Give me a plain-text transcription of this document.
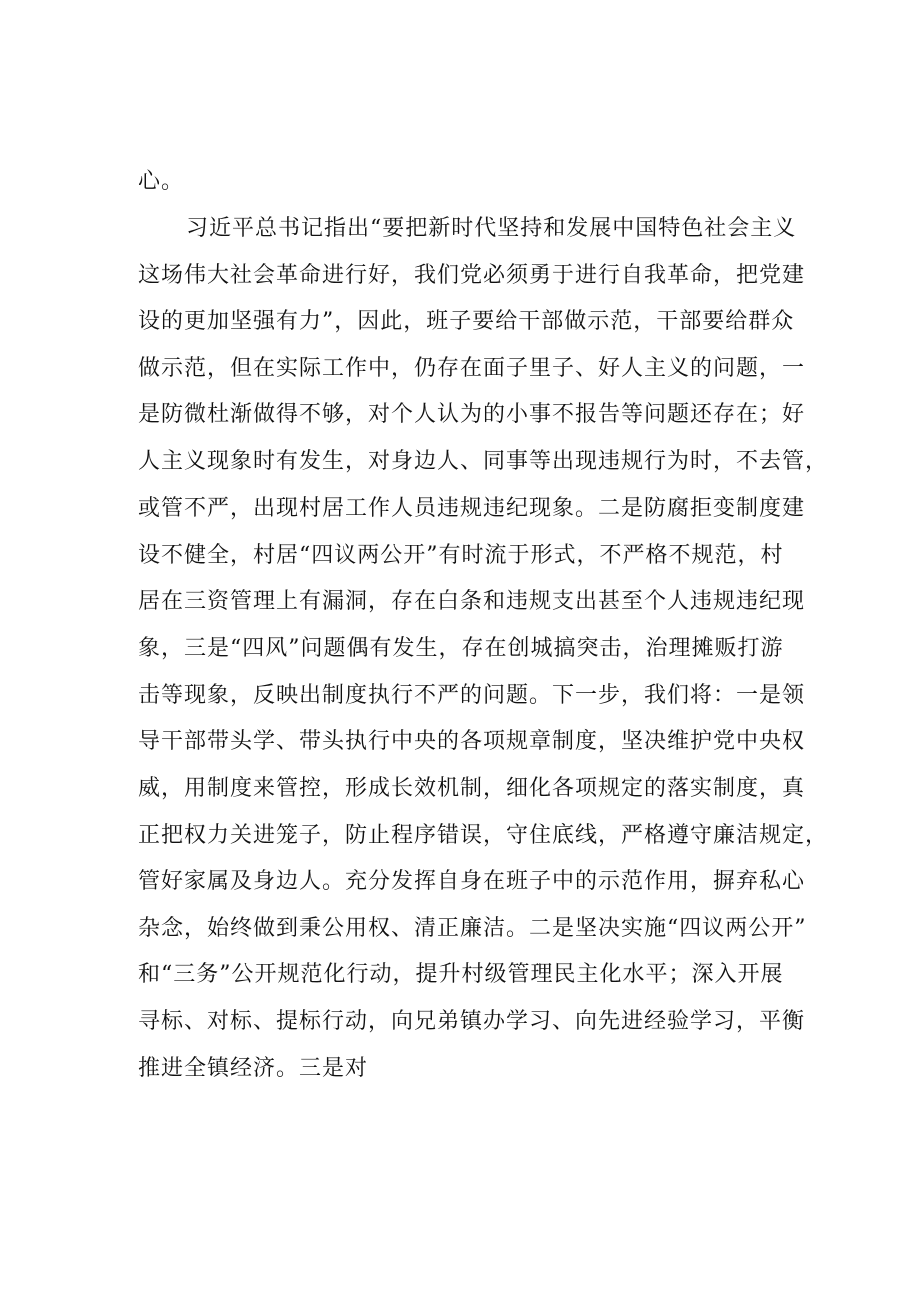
心。

习近平总书记指出“要把新时代坚持和发展中国特色社会主义

这场伟大社会革命进行好，我们党必须勇于进行自我革命，把党建

设的更加坚强有力”，因此，班子要给干部做示范，干部要给群众

做示范，但在实际工作中，仍存在面子里子、好人主义的问题，一

是防微杜渐做得不够，对个人认为的小事不报告等问题还存在；好

人主义现象时有发生，对身边人、同事等出现违规行为时，不去管，

或管不严，出现村居工作人员违规违纪现象。二是防腐拒变制度建

设不健全，村居“四议两公开”有时流于形式，不严格不规范，村

居在三资管理上有漏洞，存在白条和违规支出甚至个人违规违纪现

象，三是“四风”问题偶有发生，存在创城搞突击，治理摊贩打游

击等现象，反映出制度执行不严的问题。下一步，我们将：一是领

导干部带头学、带头执行中央的各项规章制度，坚决维护党中央权

威，用制度来管控，形成长效机制，细化各项规定的落实制度，真

正把权力关进笼子，防止程序错误，守住底线，严格遵守廉洁规定，

管好家属及身边人。充分发挥自身在班子中的示范作用，摒弃私心

杂念，始终做到秉公用权、清正廉洁。二是坚决实施“四议两公开”

和“三务”公开规范化行动，提升村级管理民主化水平；深入开展

寻标、对标、提标行动，向兄弟镇办学习、向先进经验学习，平衡

推进全镇经济。三是对
